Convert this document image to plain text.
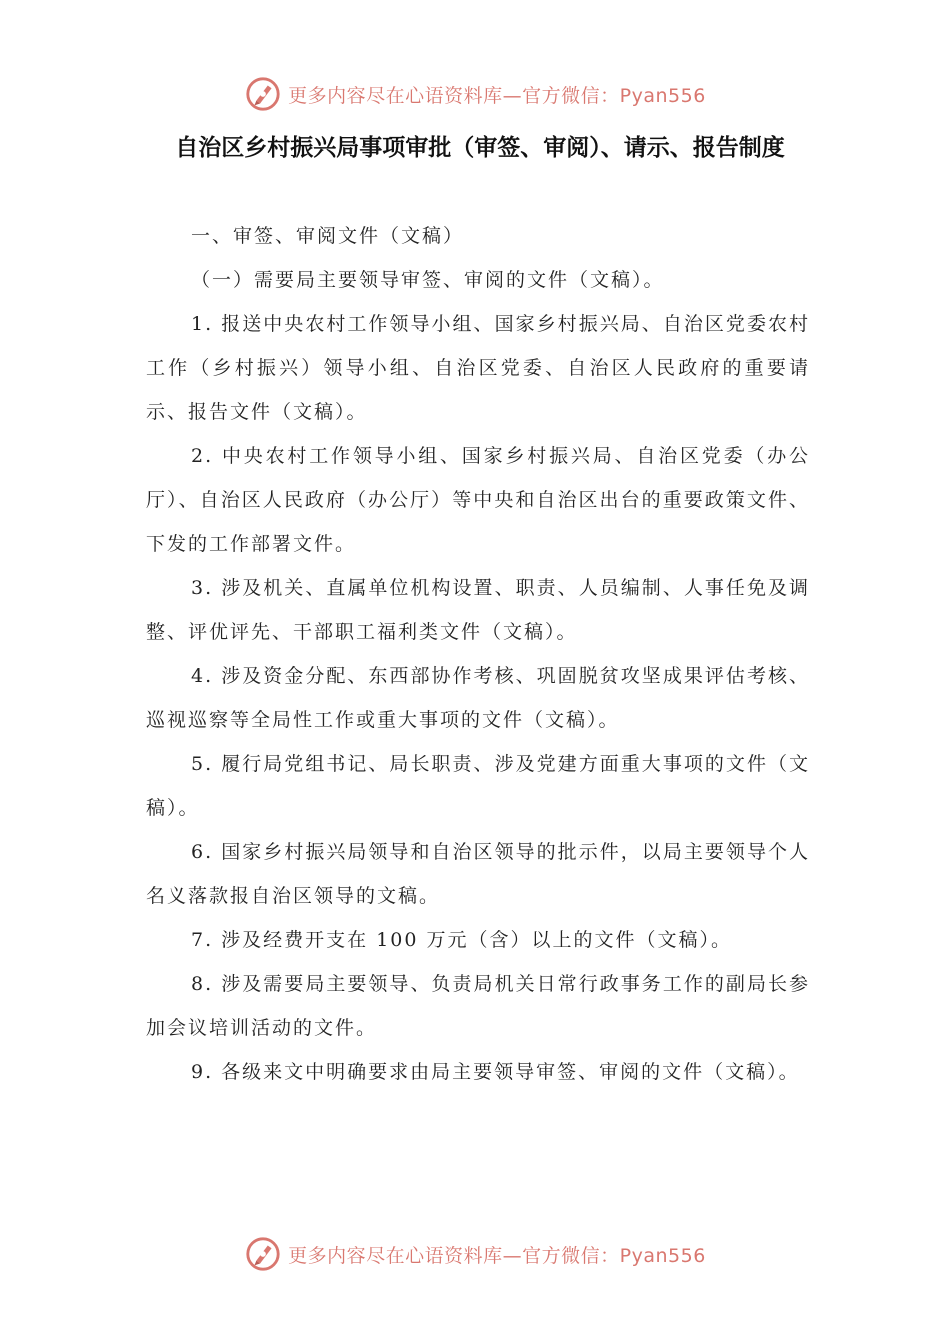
更多内容尽在心语资料库—官方微信：Pyan556
自治区乡村振兴局事项审批（审签、审阅）、请示、报告制度

一、审签、审阅文件（文稿）

（一）需要局主要领导审签、审阅的文件（文稿）。

1. 报送中央农村工作领导小组、国家乡村振兴局、自治区党委农村工作（乡村振兴）领导小组、自治区党委、自治区人民政府的重要请示、报告文件（文稿）。

2. 中央农村工作领导小组、国家乡村振兴局、自治区党委（办公厅）、自治区人民政府（办公厅）等中央和自治区出台的重要政策文件、下发的工作部署文件。

3. 涉及机关、直属单位机构设置、职责、人员编制、人事任免及调整、评优评先、干部职工福利类文件（文稿）。

4. 涉及资金分配、东西部协作考核、巩固脱贫攻坚成果评估考核、巡视巡察等全局性工作或重大事项的文件（文稿）。

5. 履行局党组书记、局长职责、涉及党建方面重大事项的文件（文稿）。

6. 国家乡村振兴局领导和自治区领导的批示件，以局主要领导个人名义落款报自治区领导的文稿。

7. 涉及经费开支在 100 万元（含）以上的文件（文稿）。

8. 涉及需要局主要领导、负责局机关日常行政事务工作的副局长参加会议培训活动的文件。

9. 各级来文中明确要求由局主要领导审签、审阅的文件（文稿）。

更多内容尽在心语资料库—官方微信：Pyan556
